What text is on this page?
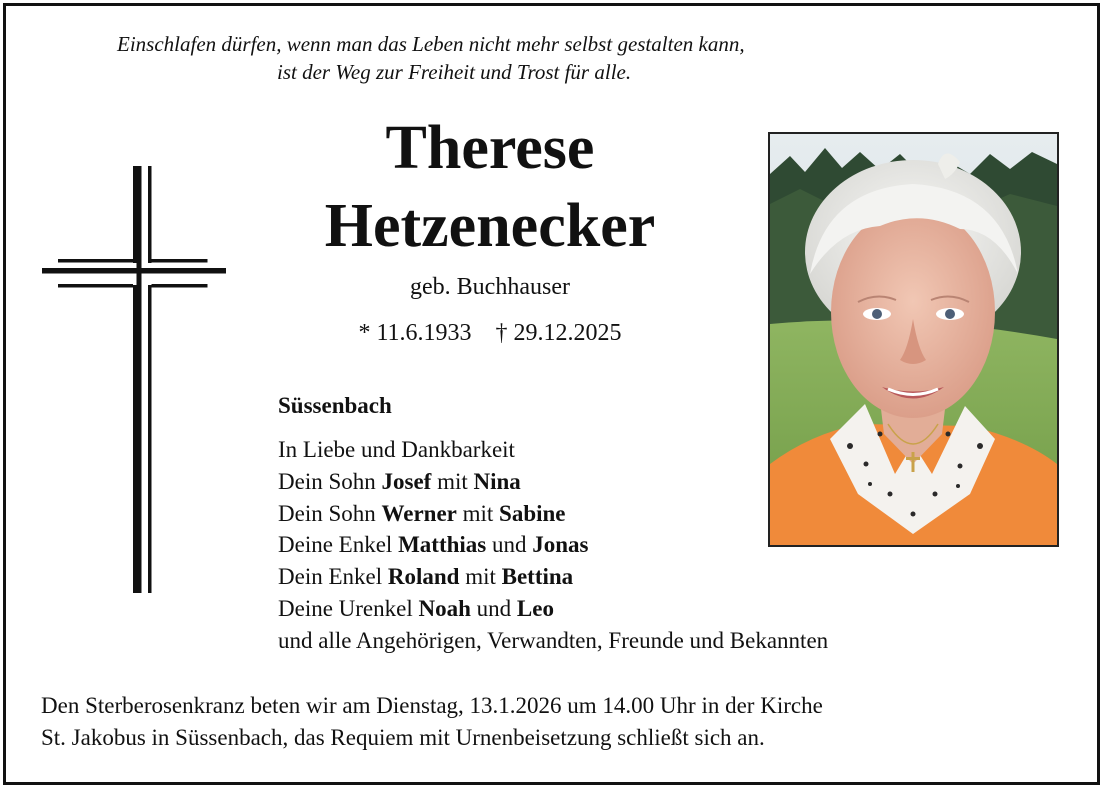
Einschlafen dürfen, wenn man das Leben nicht mehr selbst gestalten kann,
ist der Weg zur Freiheit und Trost für alle.
Therese
Hetzenecker
geb. Buchhauser
* 11.6.1933    † 29.12.2025
Süssenbach
In Liebe und Dankbarkeit
Dein Sohn Josef mit Nina
Dein Sohn Werner mit Sabine
Deine Enkel Matthias und Jonas
Dein Enkel Roland mit Bettina
Deine Urenkel Noah und Leo
und alle Angehörigen, Verwandten, Freunde und Bekannten
Den Sterberosenkranz beten wir am Dienstag, 13.1.2026 um 14.00 Uhr in der Kirche
St. Jakobus in Süssenbach, das Requiem mit Urnenbeisetzung schließt sich an.
